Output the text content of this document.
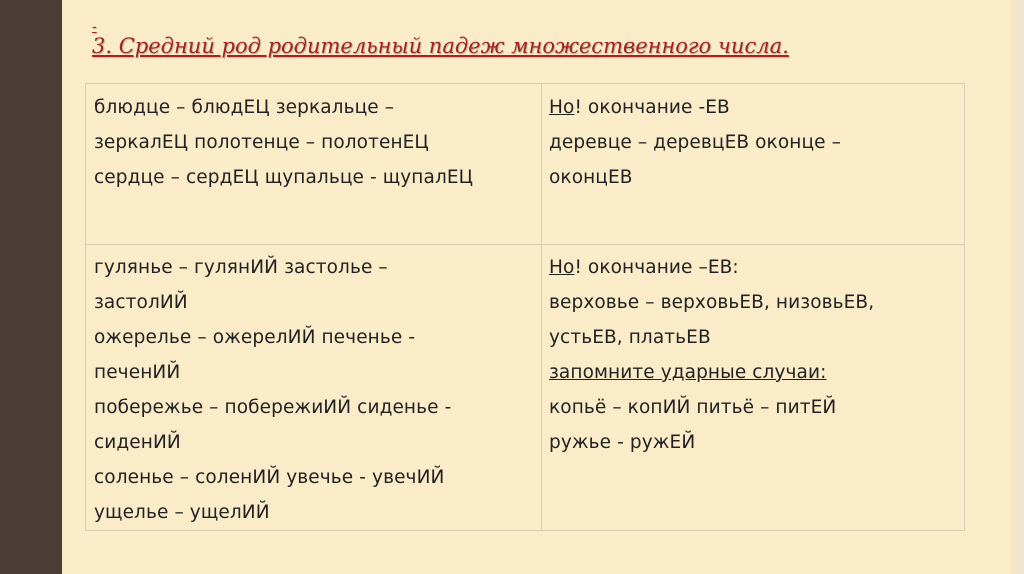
-
3. Средний род родительный падеж множественного числа.
блюдце – блюдЕЦ зеркальце –
зеркалЕЦ полотенце – полотенЕЦ
сердце – сердЕЦ щупальце - щупалЕЦ
Но! окончание -ЕВ
деревце – деревцЕВ оконце –
оконцЕВ
гулянье – гулянИЙ застолье –
застолИЙ
ожерелье – ожерелИЙ печенье -
печенИЙ
побережье – побережиИЙ сиденье -
сиденИЙ
соленье – соленИЙ увечье - увечИЙ
ущелье – ущелИЙ
Но! окончание –ЕВ:
верховье – верховьЕВ, низовьЕВ,
устьЕВ, платьЕВ
запомните ударные случаи:
копьё – копИЙ питьё – питЕЙ
ружье - ружЕЙ
